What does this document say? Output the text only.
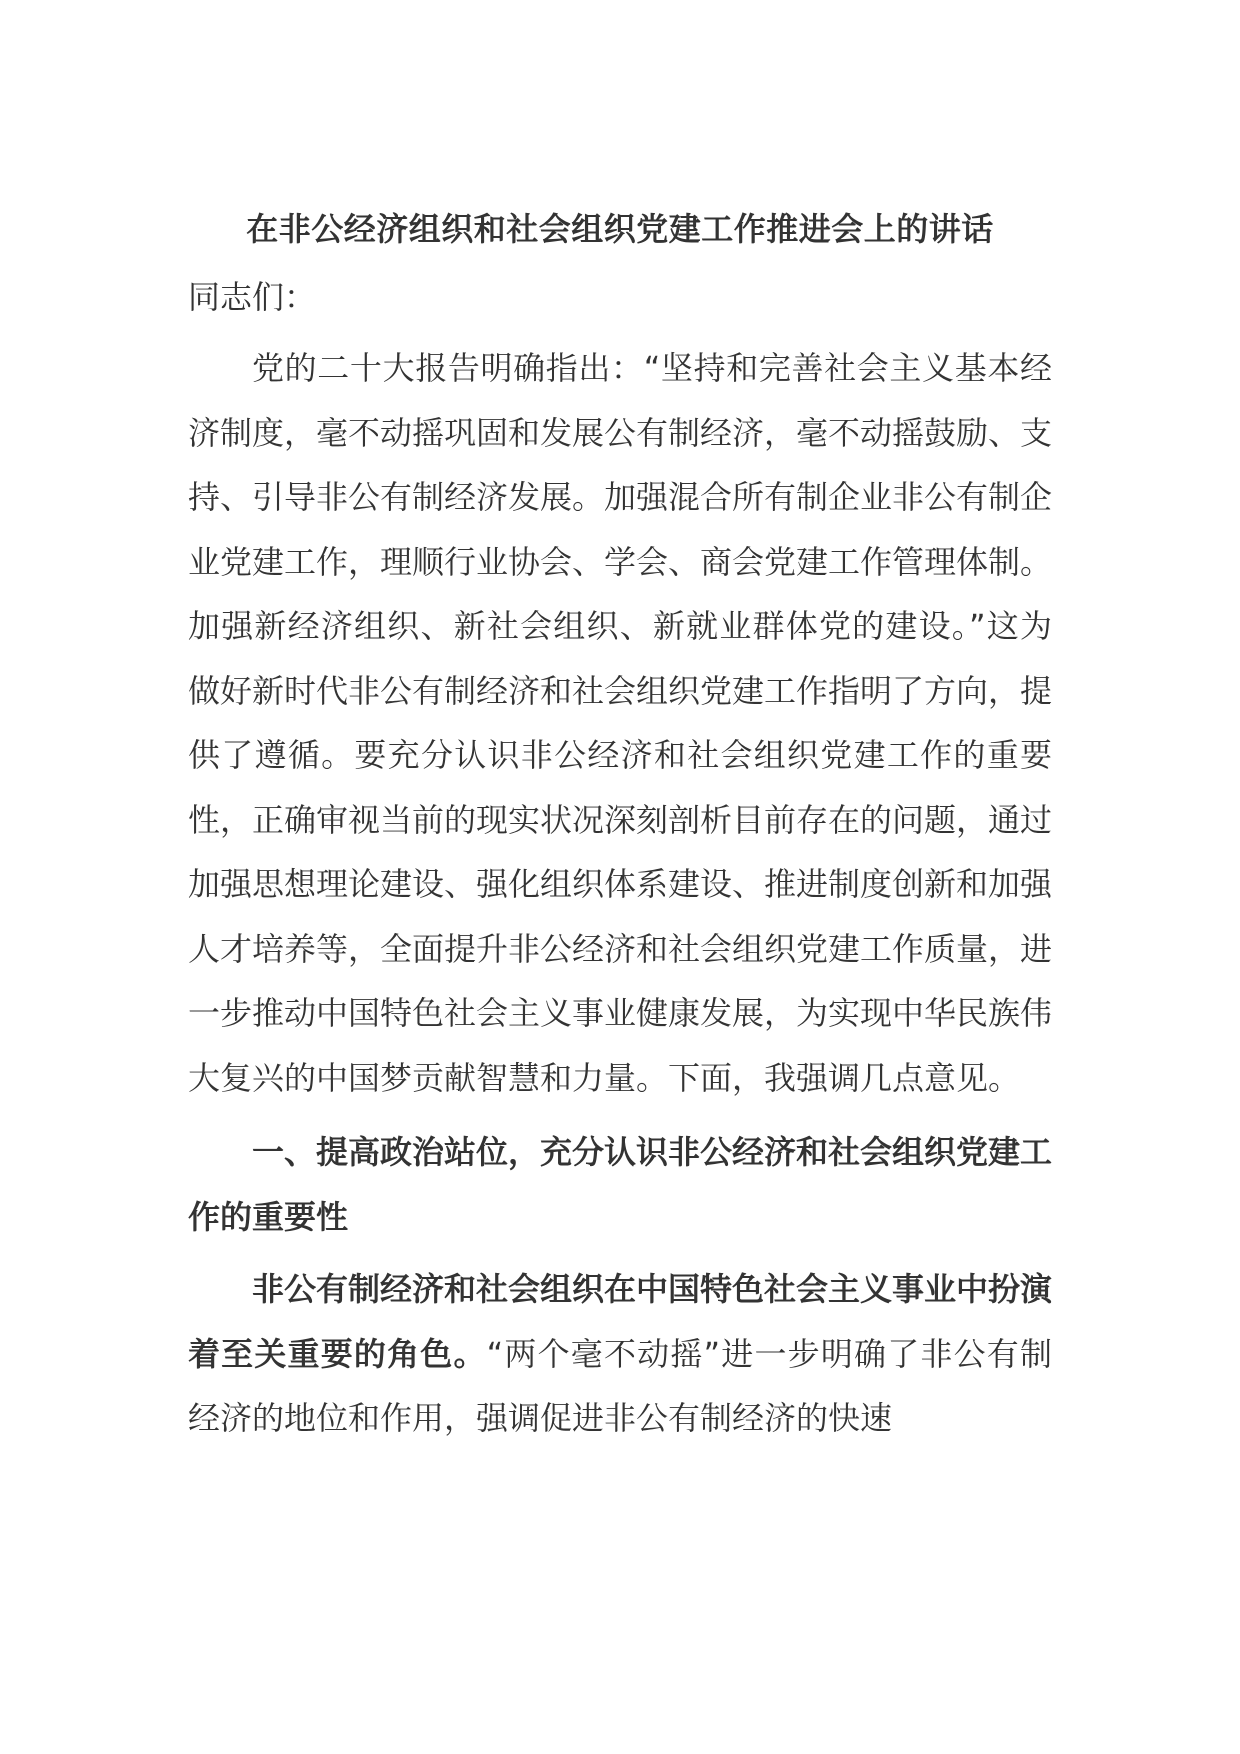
在非公经济组织和社会组织党建工作推进会上的讲话

同志们：

党的二十大报告明确指出：“坚持和完善社会主义基本经济制度，毫不动摇巩固和发展公有制经济，毫不动摇鼓励、支持、引导非公有制经济发展。加强混合所有制企业非公有制企业党建工作，理顺行业协会、学会、商会党建工作管理体制。加强新经济组织、新社会组织、新就业群体党的建设。”这为做好新时代非公有制经济和社会组织党建工作指明了方向，提供了遵循。要充分认识非公经济和社会组织党建工作的重要性，正确审视当前的现实状况深刻剖析目前存在的问题，通过加强思想理论建设、强化组织体系建设、推进制度创新和加强人才培养等，全面提升非公经济和社会组织党建工作质量，进一步推动中国特色社会主义事业健康发展，为实现中华民族伟大复兴的中国梦贡献智慧和力量。下面，我强调几点意见。

一、提高政治站位，充分认识非公经济和社会组织党建工作的重要性

非公有制经济和社会组织在中国特色社会主义事业中扮演着至关重要的角色。“两个毫不动摇”进一步明确了非公有制经济的地位和作用，强调促进非公有制经济的快速
